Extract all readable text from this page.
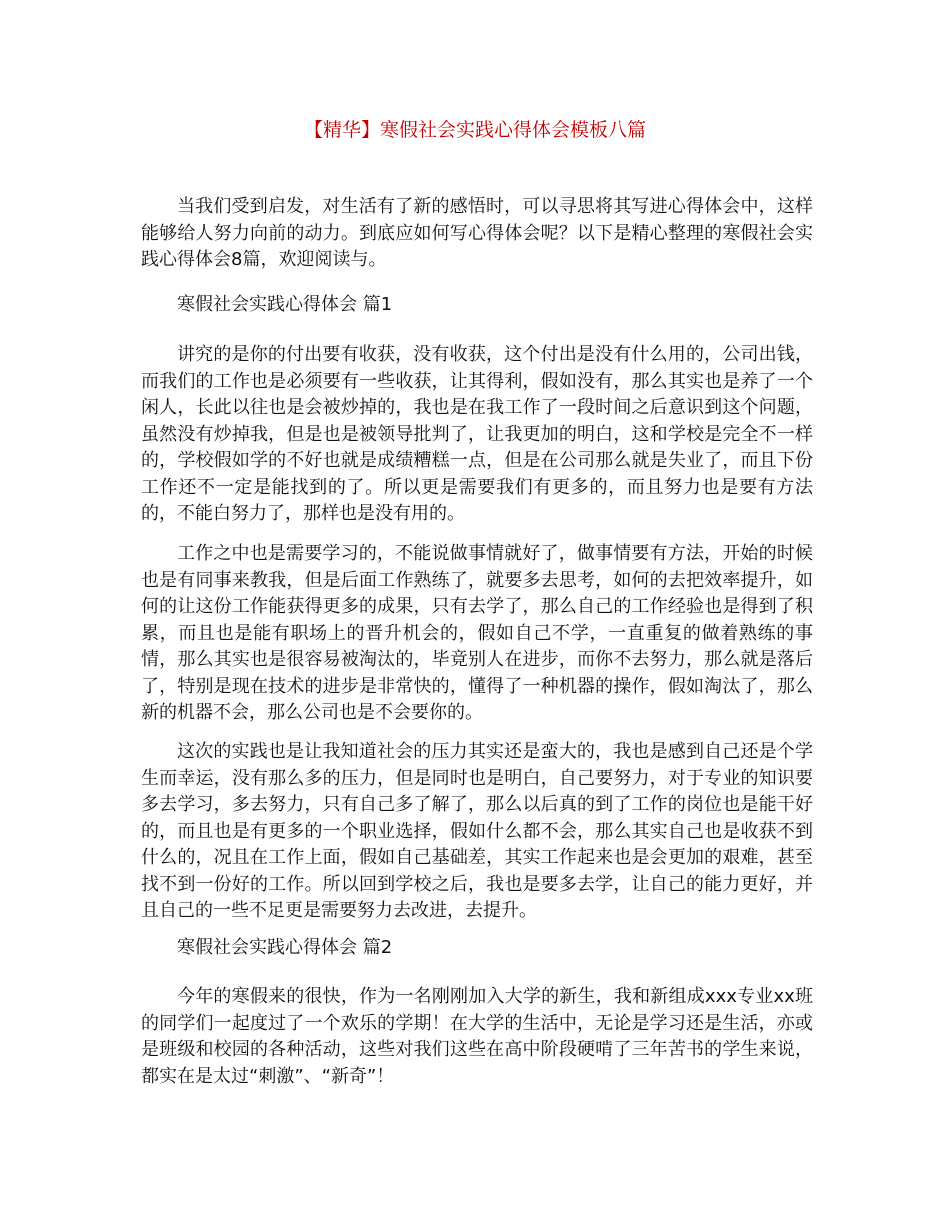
【精华】寒假社会实践心得体会模板八篇

当我们受到启发，对生活有了新的感悟时，可以寻思将其写进心得体会中，这样能够给人努力向前的动力。到底应如何写心得体会呢？以下是精心整理的寒假社会实践心得体会8篇，欢迎阅读与。

寒假社会实践心得体会 篇1

讲究的是你的付出要有收获，没有收获，这个付出是没有什么用的，公司出钱，而我们的工作也是必须要有一些收获，让其得利，假如没有，那么其实也是养了一个闲人，长此以往也是会被炒掉的，我也是在我工作了一段时间之后意识到这个问题，虽然没有炒掉我，但是也是被领导批判了，让我更加的明白，这和学校是完全不一样的，学校假如学的不好也就是成绩糟糕一点，但是在公司那么就是失业了，而且下份工作还不一定是能找到的了。所以更是需要我们有更多的，而且努力也是要有方法的，不能白努力了，那样也是没有用的。

工作之中也是需要学习的，不能说做事情就好了，做事情要有方法，开始的时候也是有同事来教我，但是后面工作熟练了，就要多去思考，如何的去把效率提升，如何的让这份工作能获得更多的成果，只有去学了，那么自己的工作经验也是得到了积累，而且也是能有职场上的晋升机会的，假如自己不学，一直重复的做着熟练的事情，那么其实也是很容易被淘汰的，毕竟别人在进步，而你不去努力，那么就是落后了，特别是现在技术的进步是非常快的，懂得了一种机器的操作，假如淘汰了，那么新的机器不会，那么公司也是不会要你的。

这次的实践也是让我知道社会的压力其实还是蛮大的，我也是感到自己还是个学生而幸运，没有那么多的压力，但是同时也是明白，自己要努力，对于专业的知识要多去学习，多去努力，只有自己多了解了，那么以后真的到了工作的岗位也是能干好的，而且也是有更多的一个职业选择，假如什么都不会，那么其实自己也是收获不到什么的，况且在工作上面，假如自己基础差，其实工作起来也是会更加的艰难，甚至找不到一份好的工作。所以回到学校之后，我也是要多去学，让自己的能力更好，并且自己的一些不足更是需要努力去改进，去提升。

寒假社会实践心得体会 篇2

今年的寒假来的很快，作为一名刚刚加入大学的新生，我和新组成xxx专业xx班的同学们一起度过了一个欢乐的学期！在大学的生活中，无论是学习还是生活，亦或是班级和校园的各种活动，这些对我们这些在高中阶段硬啃了三年苦书的学生来说，都实在是太过“刺激”、“新奇”！
